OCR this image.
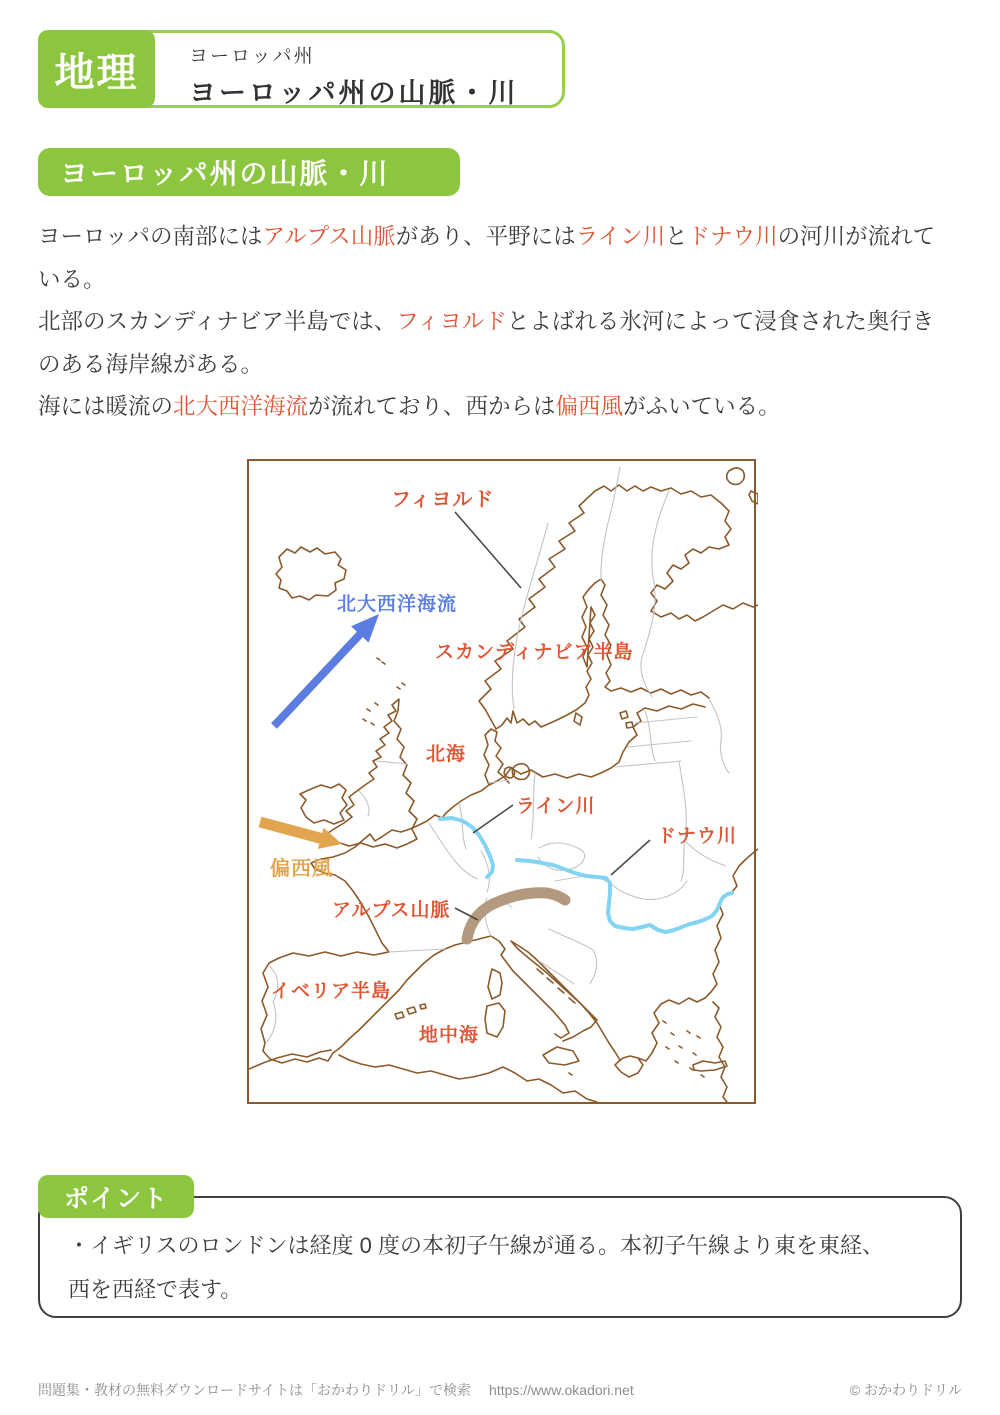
ヨーロッパ州
ヨーロッパ州の山脈・川
地理
ヨーロッパ州の山脈・川
ヨーロッパの南部にはアルプス山脈があり、平野にはライン川とドナウ川の河川が流れて
いる。
北部のスカンディナビア半島では、フィヨルドとよばれる氷河によって浸食された奥行き
のある海岸線がある。
海には暖流の北大西洋海流が流れており、西からは偏西風がふいている。
フィヨルド
北大西洋海流
スカンディナビア半島
北海
ライン川
ドナウ川
偏西風
アルプス山脈
イベリア半島
地中海
・イギリスのロンドンは経度 0 度の本初子午線が通る。本初子午線より東を東経、
西を西経で表す。
ポイント
問題集・教材の無料ダウンロードサイトは「おかわりドリル」で検索 https://www.okadori.net	© おかわりドリル
